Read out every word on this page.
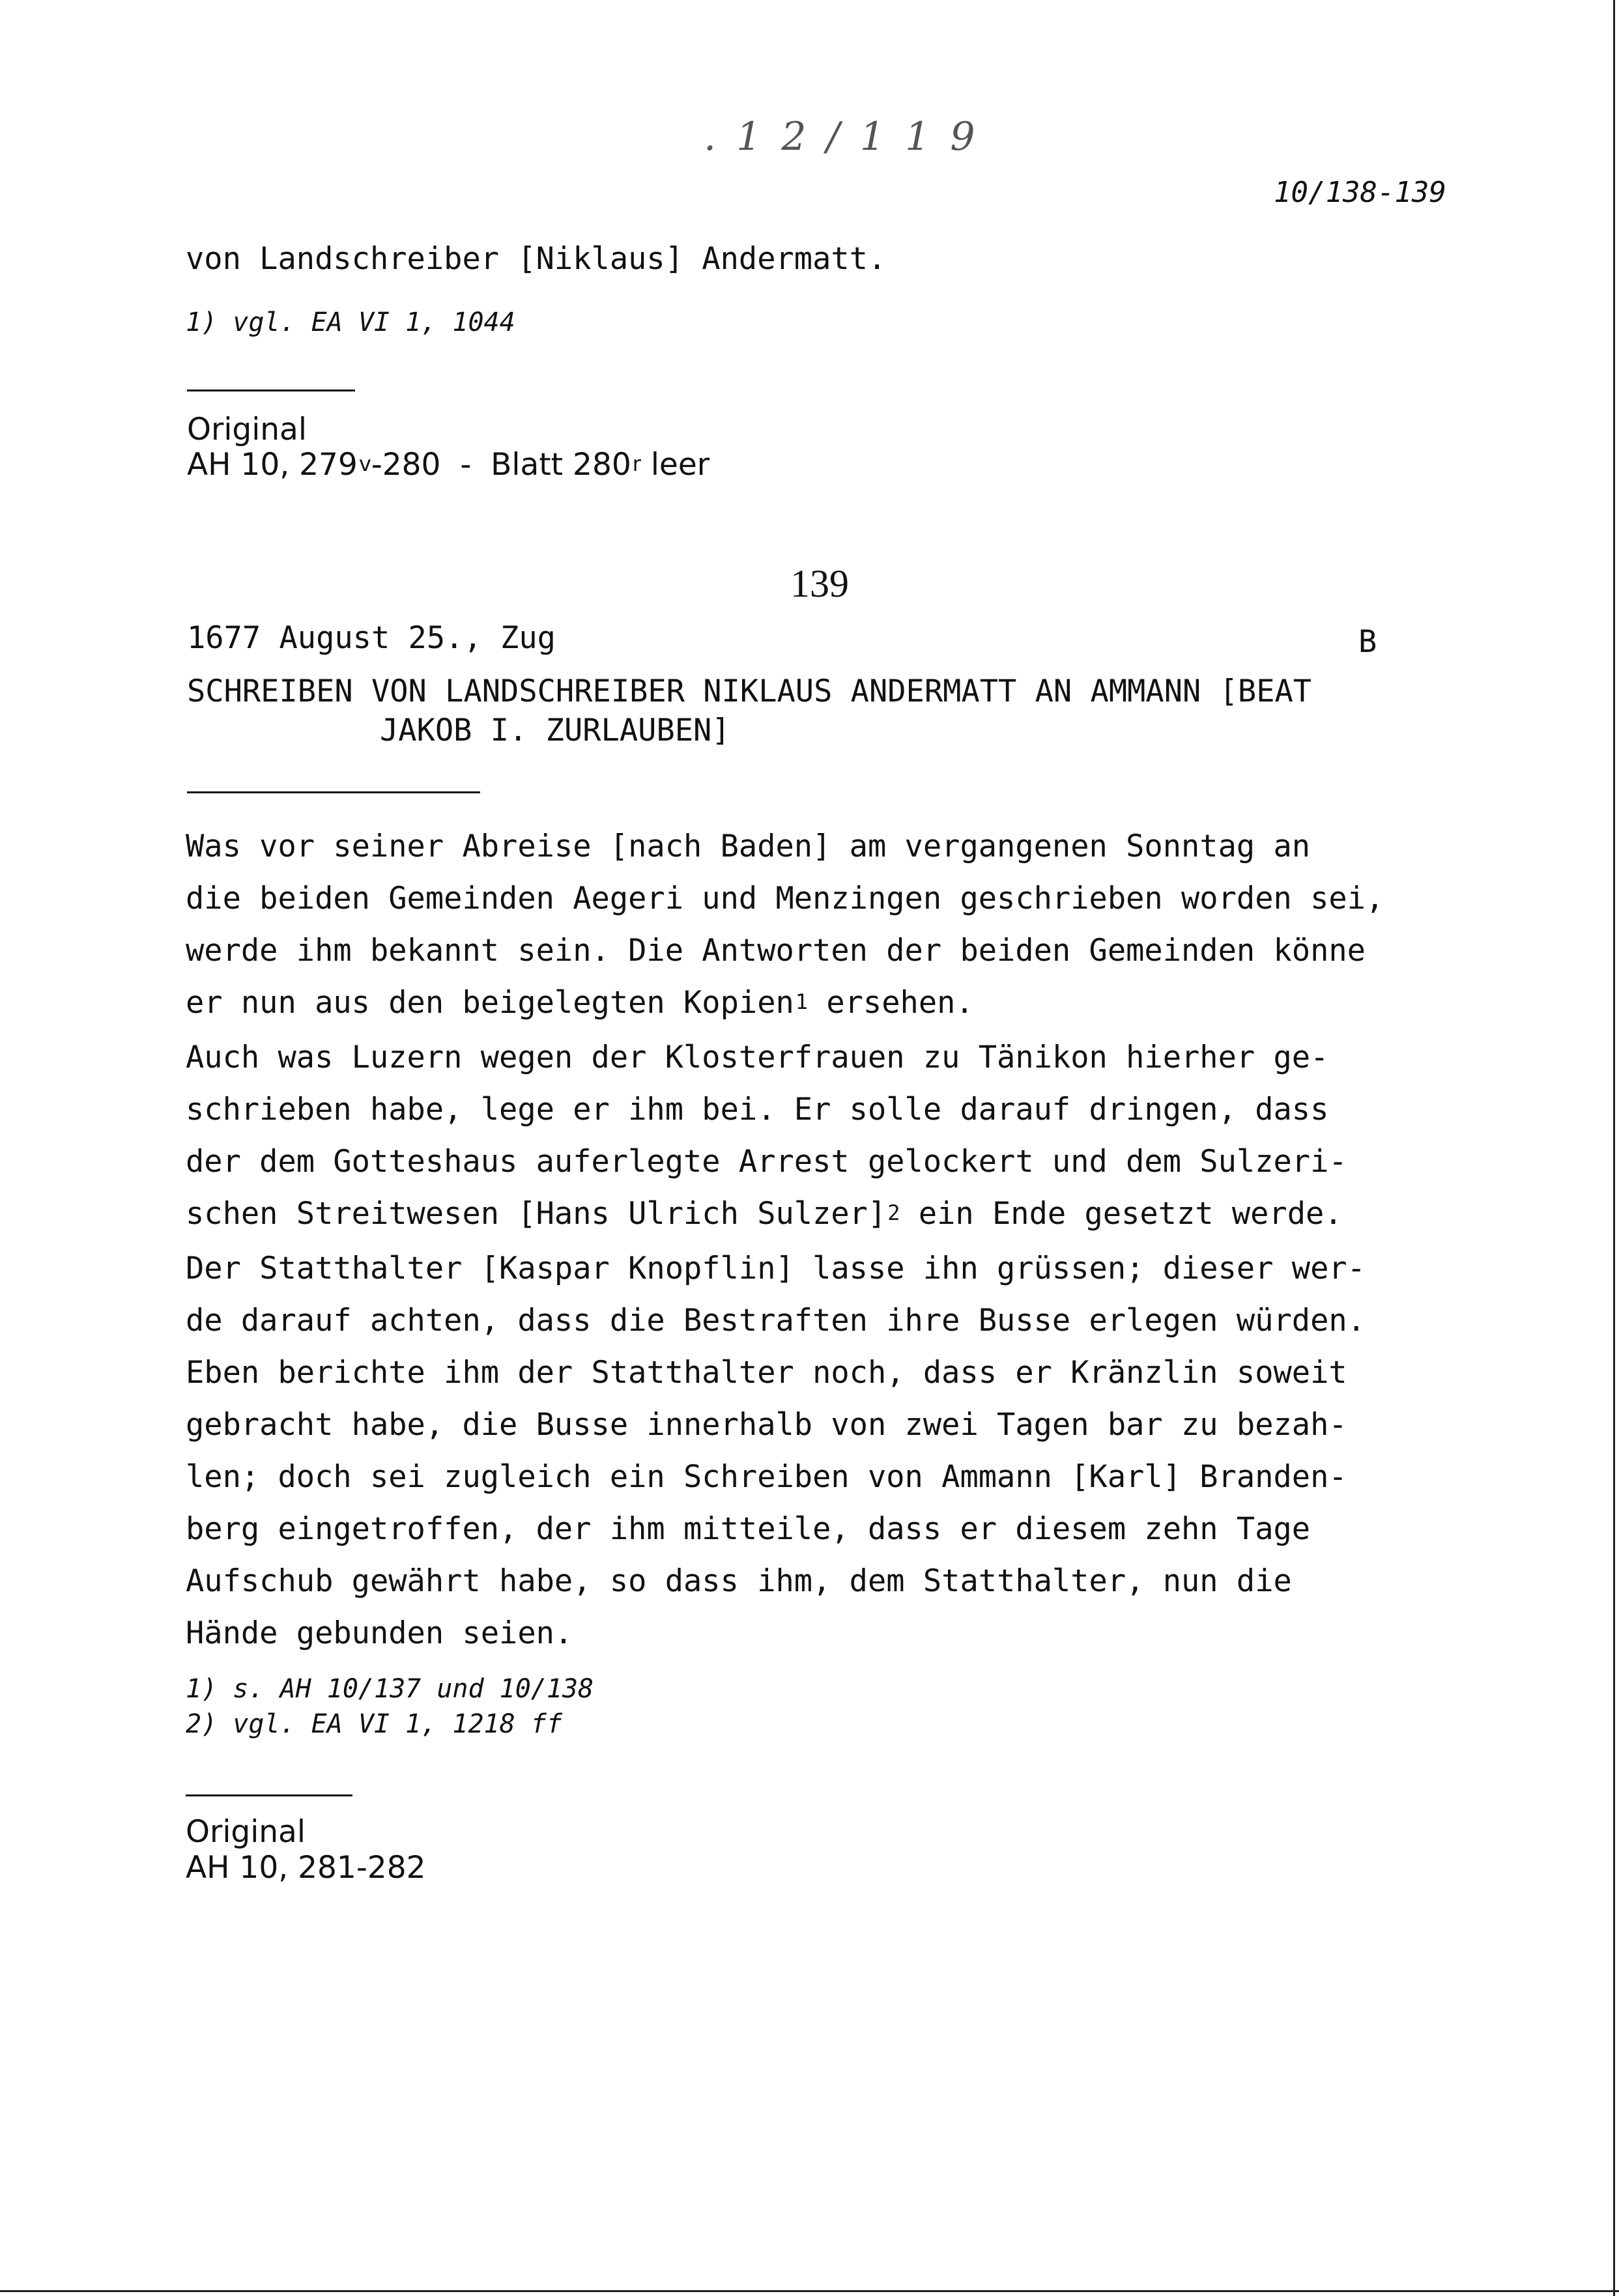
. 1 2 / 1 1 9
10/138-139
von Landschreiber [Niklaus] Andermatt.
1) vgl. EA VI 1, 1044
Original
AH 10, 279$^v$-280  -  Blatt 280$^r$ leer
139
1677 August 25., Zug	B
SCHREIBEN VON LANDSCHREIBER NIKLAUS ANDERMATT AN AMMANN [BEAT
JAKOB I. ZURLAUBEN]
Was vor seiner Abreise [nach Baden] am vergangenen Sonntag an
die beiden Gemeinden Aegeri und Menzingen geschrieben worden sei,
werde ihm bekannt sein. Die Antworten der beiden Gemeinden könne
er nun aus den beigelegten Kopien$^1$ ersehen.
Auch was Luzern wegen der Klosterfrauen zu Tänikon hierher ge-
schrieben habe, lege er ihm bei. Er solle darauf dringen, dass
der dem Gotteshaus auferlegte Arrest gelockert und dem Sulzeri-
schen Streitwesen [Hans Ulrich Sulzer]$^2$ ein Ende gesetzt werde.
Der Statthalter [Kaspar Knopflin] lasse ihn grüssen; dieser wer-
de darauf achten, dass die Bestraften ihre Busse erlegen würden.
Eben berichte ihm der Statthalter noch, dass er Kränzlin soweit
gebracht habe, die Busse innerhalb von zwei Tagen bar zu bezah-
len; doch sei zugleich ein Schreiben von Ammann [Karl] Branden-
berg eingetroffen, der ihm mitteile, dass er diesem zehn Tage
Aufschub gewährt habe, so dass ihm, dem Statthalter, nun die
Hände gebunden seien.
1) s. AH 10/137 und 10/138
2) vgl. EA VI 1, 1218 ff
Original
AH 10, 281-282
